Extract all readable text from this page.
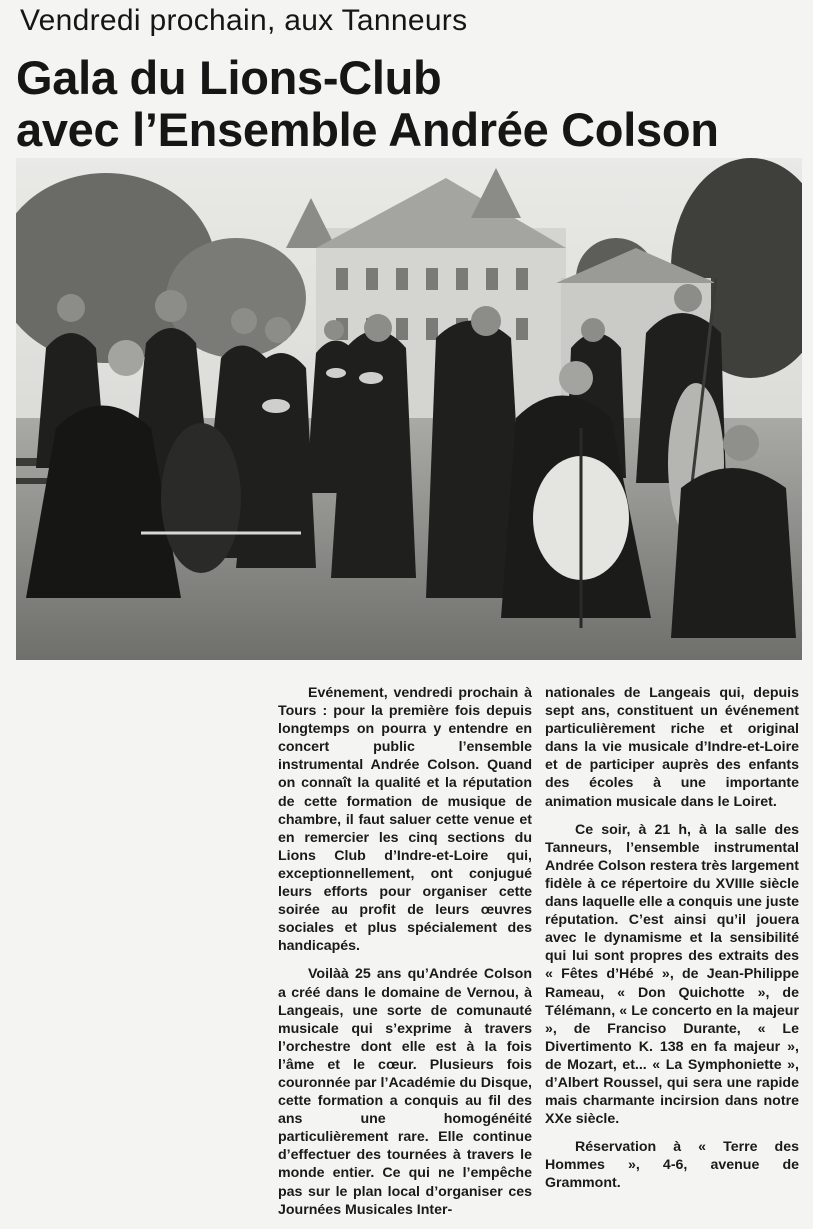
Vendredi prochain, aux Tanneurs
Gala du Lions-Club
avec l’Ensemble Andrée Colson

Evénement, vendredi prochain à Tours : pour la première fois depuis longtemps on pourra y entendre en concert public l’ensemble instrumental Andrée Colson. Quand on connaît la qualité et la réputation de cette formation de musique de chambre, il faut saluer cette venue et en remercier les cinq sections du Lions Club d’Indre-et-Loire qui, exceptionnellement, ont conjugué leurs efforts pour organiser cette soirée au profit de leurs œuvres sociales et plus spécialement des handicapés.

Voilàà 25 ans qu’Andrée Colson a créé dans le domaine de Vernou, à Langeais, une sorte de comunauté musicale qui s’exprime à travers l’orchestre dont elle est à la fois l’âme et le cœur. Plusieurs fois couronnée par l’Académie du Disque, cette formation a conquis au fil des ans une homogénéité particulièrement rare. Elle continue d’effectuer des tournées à travers le monde entier. Ce qui ne l’empêche pas sur le plan local d’organiser ces Journées Musicales Inter-

nationales de Langeais qui, depuis sept ans, constituent un événement particulièrement riche et original dans la vie musicale d’Indre-et-Loire et de participer auprès des enfants des écoles à une importante animation musicale dans le Loiret.

Ce soir, à 21 h, à la salle des Tanneurs, l’ensemble instrumental Andrée Colson restera très largement fidèle à ce répertoire du XVIIIe siècle dans laquelle elle a conquis une juste réputation. C’est ainsi qu’il jouera avec le dynamisme et la sensibilité qui lui sont propres des extraits des « Fêtes d’Hébé », de Jean-Philippe Rameau, « Don Quichotte », de Télémann, « Le concerto en la majeur », de Franciso Durante, « Le Divertimento K. 138 en fa majeur », de Mozart, et... « La Symphoniette », d’Albert Roussel, qui sera une rapide mais charmante incirsion dans notre XXe siècle.

Réservation à « Terre des Hommes », 4-6, avenue de Grammont.
